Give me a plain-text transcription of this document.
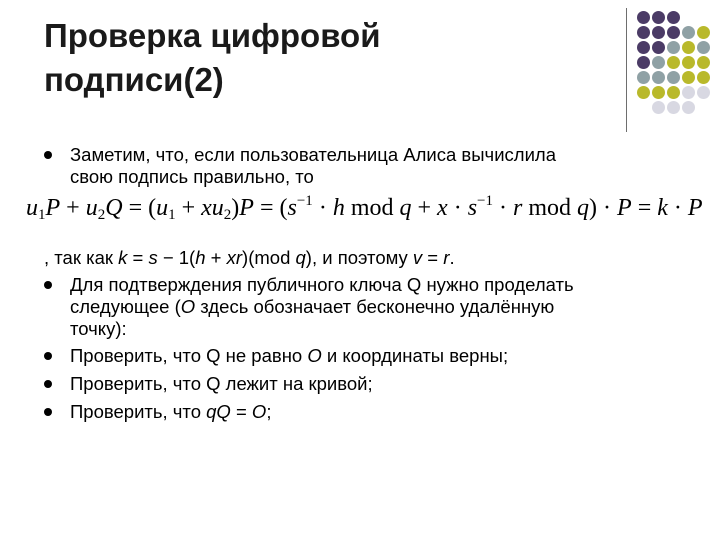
Проверка цифровой
подписи(2)
Заметим, что, если пользовательница Алиса вычислила
свою подпись правильно, то
$u_1P + u_2Q = (u_1 + xu_2)P = (s^{-1} \cdot h$ mod $q + x \cdot s^{-1} \cdot r$ mod q) · P = k · P
, так как k = s − 1(h + xr)(mod q), и поэтому v = r.
Для подтверждения публичного ключа Q нужно проделать
следующее (O здесь обозначает бесконечно удалённую
точку):
Проверить, что Q не равно O и координаты верны;
Проверить, что Q лежит на кривой;
Проверить, что qQ = O;
